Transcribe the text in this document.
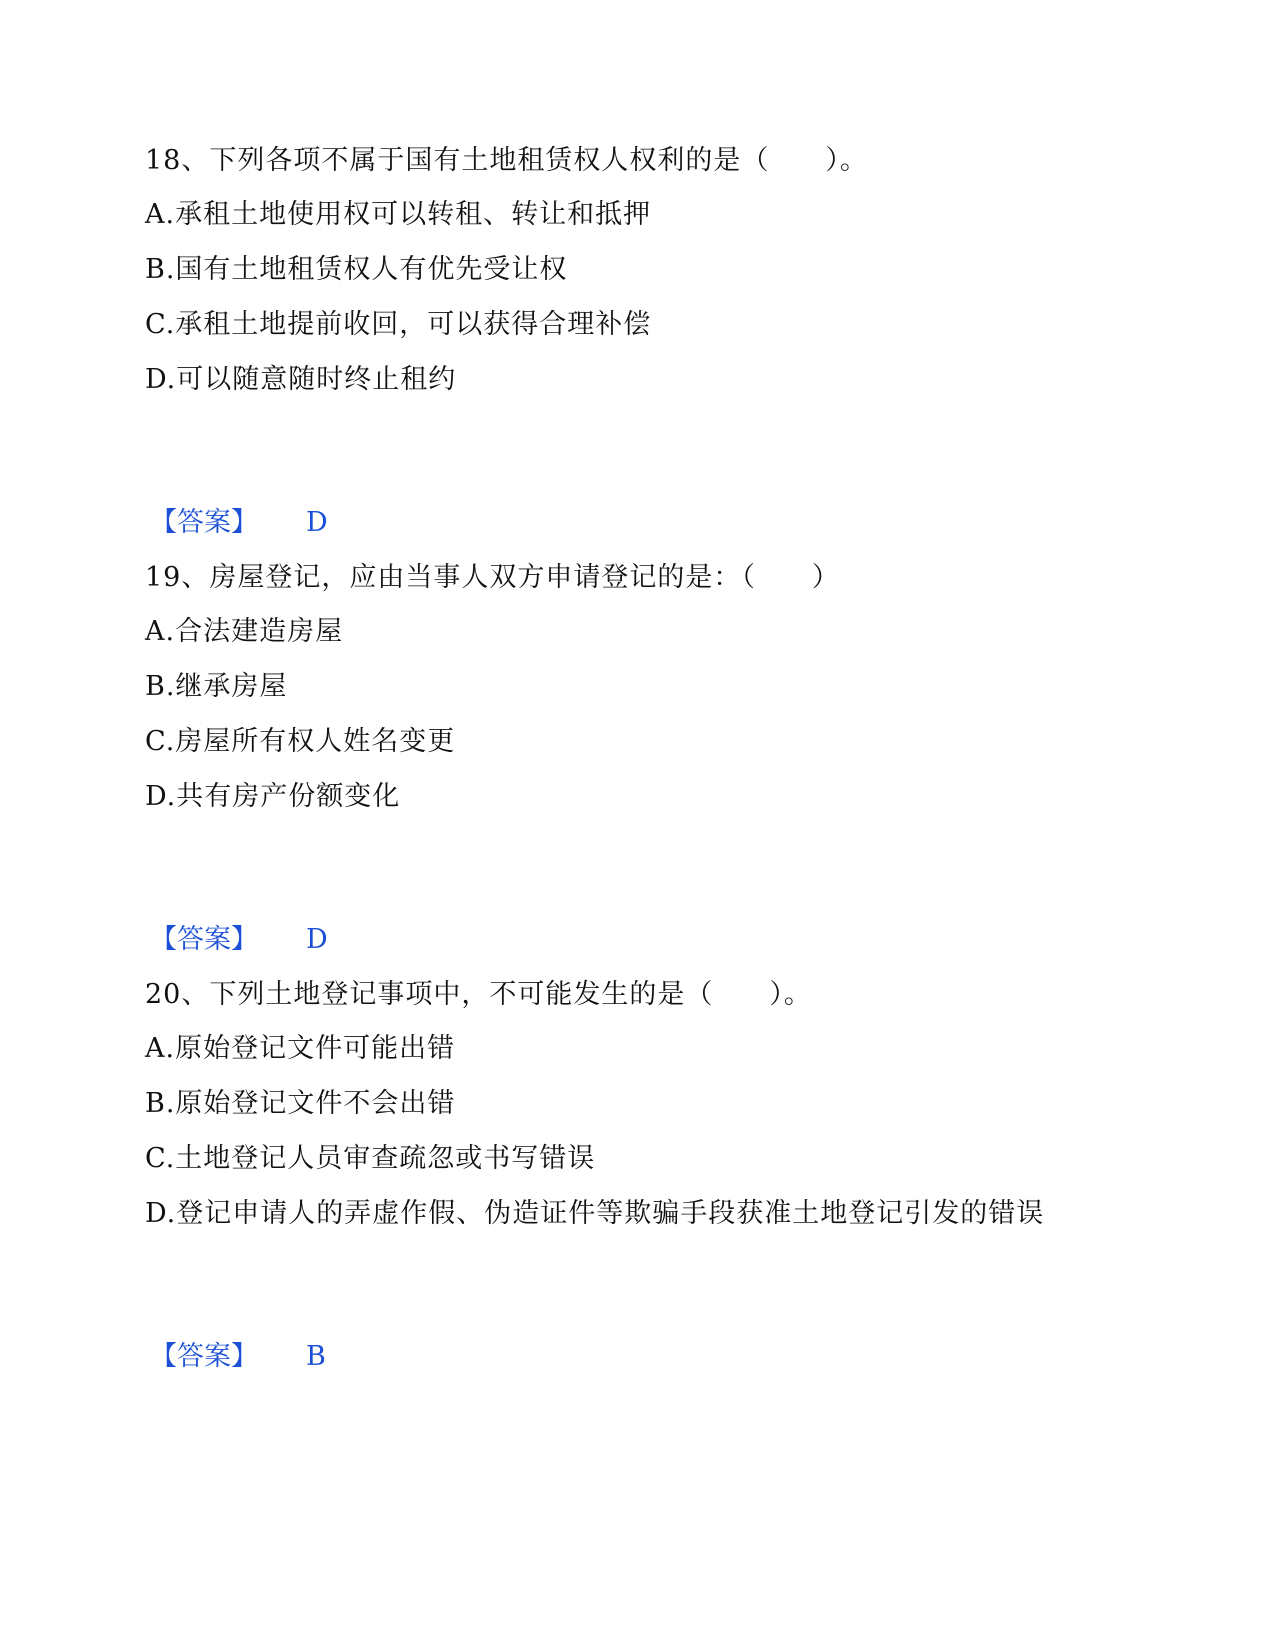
18、下列各项不属于国有土地租赁权人权利的是（　　）。
A.承租土地使用权可以转租、转让和抵押
B.国有土地租赁权人有优先受让权
C.承租土地提前收回，可以获得合理补偿
D.可以随意随时终止租约
【答案】 D
19、房屋登记，应由当事人双方申请登记的是：（　　）
A.合法建造房屋
B.继承房屋
C.房屋所有权人姓名变更
D.共有房产份额变化
【答案】 D
20、下列土地登记事项中，不可能发生的是（　　）。
A.原始登记文件可能出错
B.原始登记文件不会出错
C.土地登记人员审查疏忽或书写错误
D.登记申请人的弄虚作假、伪造证件等欺骗手段获准土地登记引发的错误
【答案】 B
